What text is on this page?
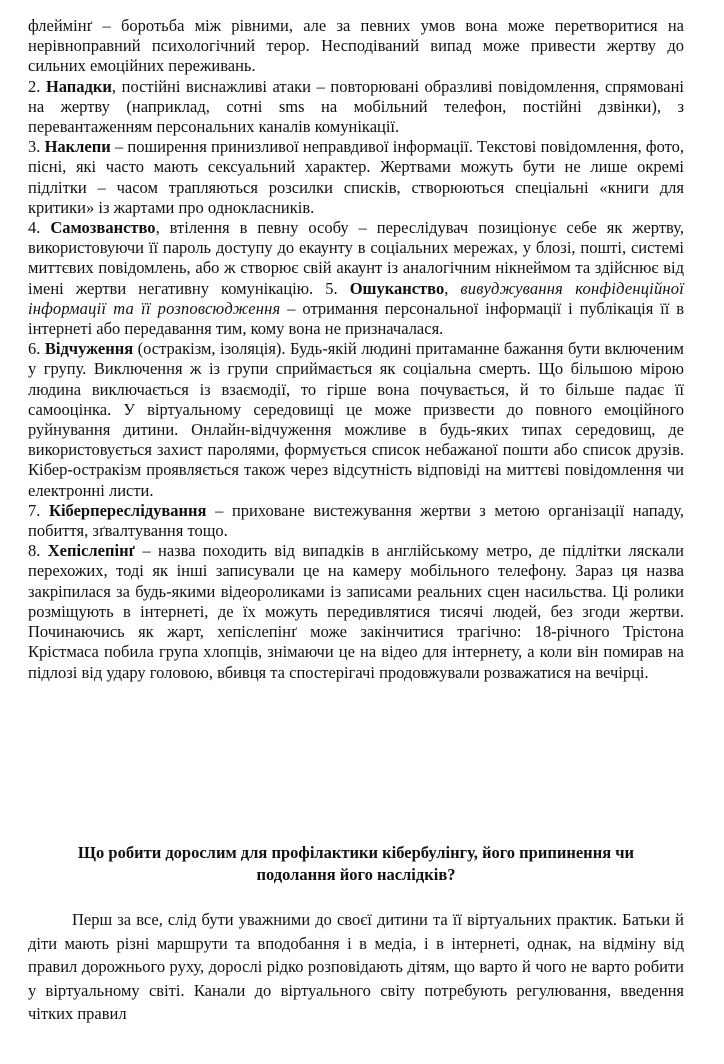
флеймінґ – боротьба між рівними, але за певних умов вона може перетворитися на нерівноправний психологічний терор. Несподіваний випад може привести жертву до сильних емоційних переживань.

2. Нападки, постійні виснажливі атаки – повторювані образливі повідомлення, спрямовані на жертву (наприклад, сотні sms на мобільний телефон, постійні дзвінки), з перевантаженням персональних каналів комунікації.

3. Наклепи – поширення принизливої неправдивої інформації. Текстові повідомлення, фото, пісні, які часто мають сексуальний характер. Жертвами можуть бути не лише окремі підлітки – часом трапляються розсилки списків, створюються спеціальні «книги для критики» із жартами про однокласників.

4. Самозванство, втілення в певну особу – переслідувач позиціонує себе як жертву, використовуючи її пароль доступу до екаунту в соціальних мережах, у блозі, пошті, системі миттєвих повідомлень, або ж створює свій акаунт із аналогічним нікнеймом та здійснює від імені жертви негативну комунікацію. 5. Ошуканство, вивуджування конфіденційної інформації та її розповсюдження – отримання персональної інформації і публікація її в інтернеті або передавання тим, кому вона не призначалася.

6. Відчуження (остракізм, ізоляція). Будь-якій людині притаманне бажання бути включеним у групу. Виключення ж із групи сприймається як соціальна смерть. Що більшою мірою людина виключається із взаємодії, то гірше вона почувається, й то більше падає її самооцінка. У віртуальному середовищі це може призвести до повного емоційного руйнування дитини. Онлайн-відчуження можливе в будь-яких типах середовищ, де використовується захист паролями, формується список небажаної пошти або список друзів. Кібер-остракізм проявляється також через відсутність відповіді на миттєві повідомлення чи електронні листи.

7. Кіберпереслідування – приховане вистежування жертви з метою організації нападу, побиття, зґвалтування тощо.

8. Хепіслепінґ – назва походить від випадків в англійському метро, де підлітки ляскали перехожих, тоді як інші записували це на камеру мобільного телефону. Зараз ця назва закріпилася за будь-якими відеороликами із записами реальних сцен насильства. Ці ролики розміщують в інтернеті, де їх можуть передивлятися тисячі людей, без згоди жертви. Починаючись як жарт, хепіслепінґ може закінчитися трагічно: 18-річного Трістона Крістмаса побила група хлопців, знімаючи це на відео для інтернету, а коли він помирав на підлозі від удару головою, вбивця та спостерігачі продовжували розважатися на вечірці.

Що робити дорослим для профілактики кібербулінгу, його припинення чи

подолання його наслідків?

Перш за все, слід бути уважними до своєї дитини та її віртуальних практик. Батьки й діти мають різні маршрути та вподобання і в медіа, і в інтернеті, однак, на відміну від правил дорожнього руху, дорослі рідко розповідають дітям, що варто й чого не варто робити у віртуальному світі. Канали до віртуального світу потребують регулювання, введення чітких правил
